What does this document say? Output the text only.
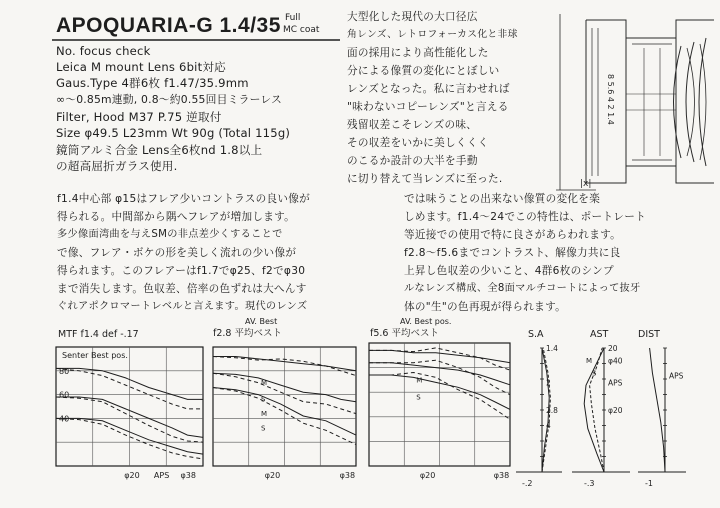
APOQUARIA-G 1.4/35 Full
MC coat
No. focus check
Leica M mount Lens 6bit対応
Gaus.Type 4群6枚 f1.47/35.9mm
∞〜0.85m連動, 0.8〜約0.55回目ミラーレス
Filter, Hood M37 P.75 逆取付
Size φ49.5 L23mm Wt 90g (Total 115g)
鏡筒アルミ合金 Lens全6枚nd 1.8以上
の超高屈折ガラス使用.
大型化した現代の大口径広
角レンズ、レトロフォーカス化と非球
面の採用により高性能化した
分による像質の変化にとぼしい
レンズとなった。私に言わせれば
"味わないコピーレンズ"と言える
残留収差こそレンズの味、
その収差をいかに美しくくく
のこるか設計の大半を手動
に切り替えて当レンズに至った.	|x|
8 5.6 4 2 1.4
f1.4中心部 φ15はフレア少いコントラスの良い像が
得られる。中間部から隅へフレアが増加します。
多少像面湾曲を与えSMの非点差少くすることで
で像、フレア・ボケの形を美しく流れの少い像が
得られます。このフレアーはf1.7でφ25、f2でφ30
まで消失します。色収差、倍率の色ずれは大へんす
ぐれアポクロマートレベルと言えます。現代のレンズ
では味うことの出来ない像質の変化を楽
しめます。f1.4〜24でこの特性は、ポートレート
等近接での使用で特に良さがあらわれます。
f2.8〜f5.6までコントラスト、解像力共に良
上昇し色収差の少いこと、4群6枚のシンプ
ルなレンズ構成、全8面マルチコートによって抜牙
体の"生"の色再現が得られます。
MTF f1.4 def -.17
Senter Best pos.
AV. Best
f2.8 平均ベスト
AV. Best pos.
f5.6 平均ベスト	S.A	AST	DIST
80
60
40
φ20 APS φ38	φ20	φ38
M
S
M
S
φ20	φ38
M
S
1.4
2
2.8
4
-.2
20
φ40
APS
φ20
-.3
M
S	APS
-1
